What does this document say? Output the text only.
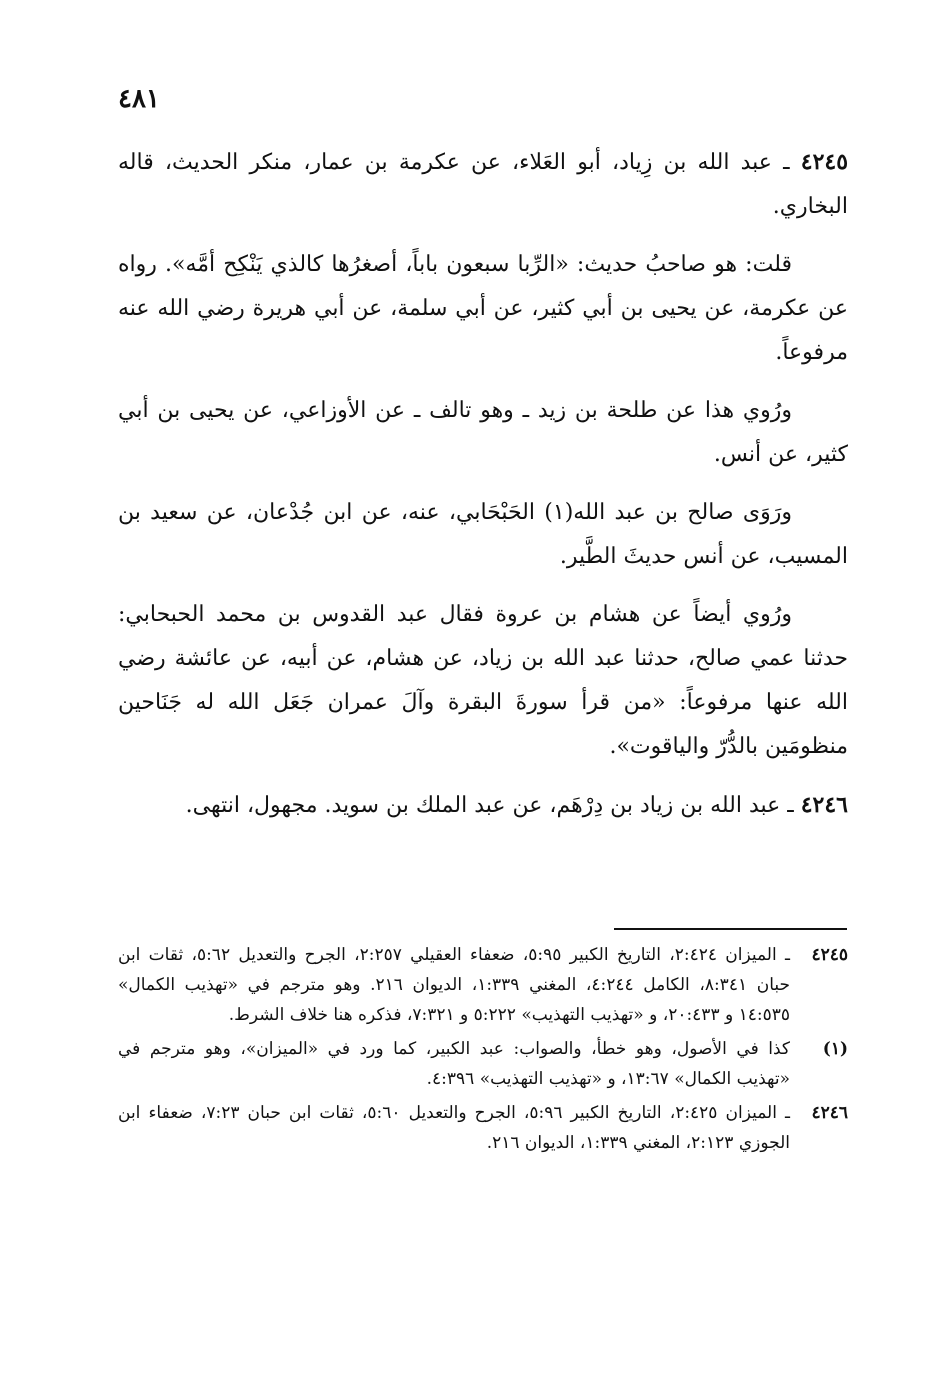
٤٨١

٤٢٤٥ ـ عبد الله بن زِياد، أبو العَلاء، عن عكرمة بن عمار، منكر الحديث، قاله البخاري.

قلت: هو صاحبُ حديث: «الرِّبا سبعون باباً، أصغرُها كالذي يَنْكِح أمَّه». رواه عن عكرمة، عن يحيى بن أبي كثير، عن أبي سلمة، عن أبي هريرة رضي الله عنه مرفوعاً.

ورُوي هذا عن طلحة بن زيد ـ وهو تالف ـ عن الأوزاعي، عن يحيى بن أبي كثير، عن أنس.

ورَوَى صالح بن عبد الله(١) الحَبْحَابي، عنه، عن ابن جُدْعان، عن سعيد بن المسيب، عن أنس حديثَ الطَّير.

ورُوي أيضاً عن هشام بن عروة فقال عبد القدوس بن محمد الحبحابي: حدثنا عمي صالح، حدثنا عبد الله بن زياد، عن هشام، عن أبيه، عن عائشة رضي الله عنها مرفوعاً: «من قرأ سورةَ البقرة وآلَ عمران جَعَل الله له جَنَاحين منظومَين بالدُّرّ والياقوت».

٤٢٤٦ ـ عبد الله بن زياد بن دِرْهَم، عن عبد الملك بن سويد. مجهول، انتهى.

٤٢٤٥
ـ الميزان ٢:٤٢٤، التاريخ الكبير ٥:٩٥، ضعفاء العقيلي ٢:٢٥٧، الجرح والتعديل ٥:٦٢، ثقات ابن حبان ٨:٣٤١، الكامل ٤:٢٤٤، المغني ١:٣٣٩، الديوان ٢١٦. وهو مترجم في «تهذيب الكمال» ١٤:٥٣٥ و ٢٠:٤٣٣، و «تهذيب التهذيب» ٥:٢٢٢ و ٧:٣٢١، فذكره هنا خلاف الشرط.
(١)
كذا في الأصول، وهو خطأ، والصواب: عبد الكبير، كما ورد في «الميزان»، وهو مترجم في «تهذيب الكمال» ١٣:٦٧، و «تهذيب التهذيب» ٤:٣٩٦.
٤٢٤٦
ـ الميزان ٢:٤٢٥، التاريخ الكبير ٥:٩٦، الجرح والتعديل ٥:٦٠، ثقات ابن حبان ٧:٢٣، ضعفاء ابن الجوزي ٢:١٢٣، المغني ١:٣٣٩، الديوان ٢١٦.
